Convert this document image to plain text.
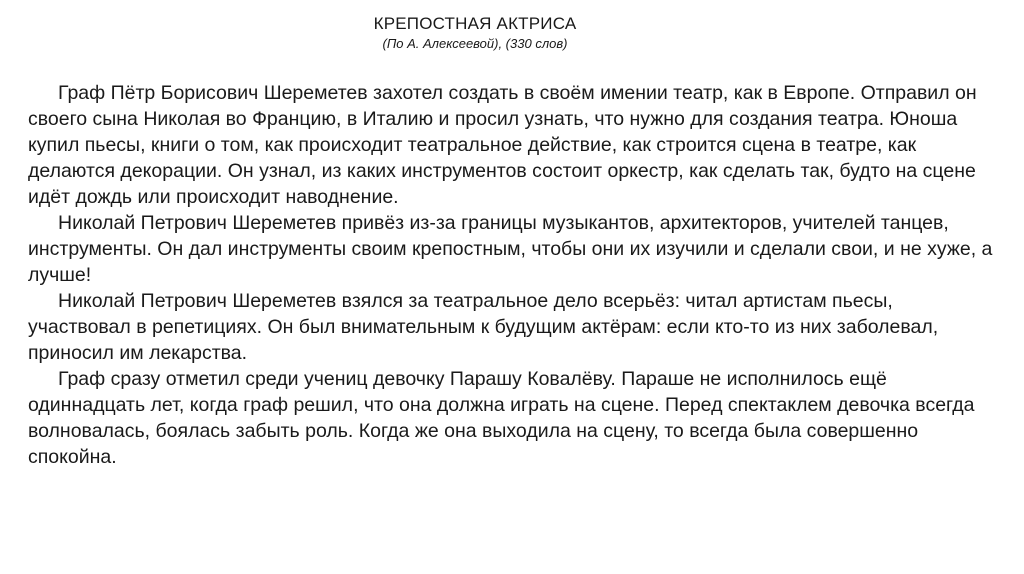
КРЕПОСТНАЯ АКТРИСА
(По А. Алексеевой), (330 слов)

Граф Пётр Борисович Шереметев захотел создать в своём имении театр, как в Европе. Отправил он своего сына Николая во Францию, в Италию и просил узнать, что нужно для создания театра. Юноша купил пьесы, книги о том, как происходит театральное действие, как строится сцена в театре, как делаются декорации. Он узнал, из каких инструментов состоит оркестр, как сделать так, будто на сцене идёт дождь или происходит наводнение.

Николай Петрович Шереметев привёз из-за границы музыкантов, архитекторов, учителей танцев, инструменты. Он дал инструменты своим крепостным, чтобы они их изучили и сделали свои, и не хуже, а лучше!

Николай Петрович Шереметев взялся за театральное дело всерьёз: читал артистам пьесы, участвовал в репетициях. Он был внимательным к будущим актёрам: если кто-то из них заболевал, приносил им лекарства.

Граф сразу отметил среди учениц девочку Парашу Ковалёву. Параше не исполнилось ещё одиннадцать лет, когда граф решил, что она должна играть на сцене. Перед спектаклем девочка всегда волновалась, боялась забыть роль. Когда же она выходила на сцену, то всегда была совершенно спокойна.
